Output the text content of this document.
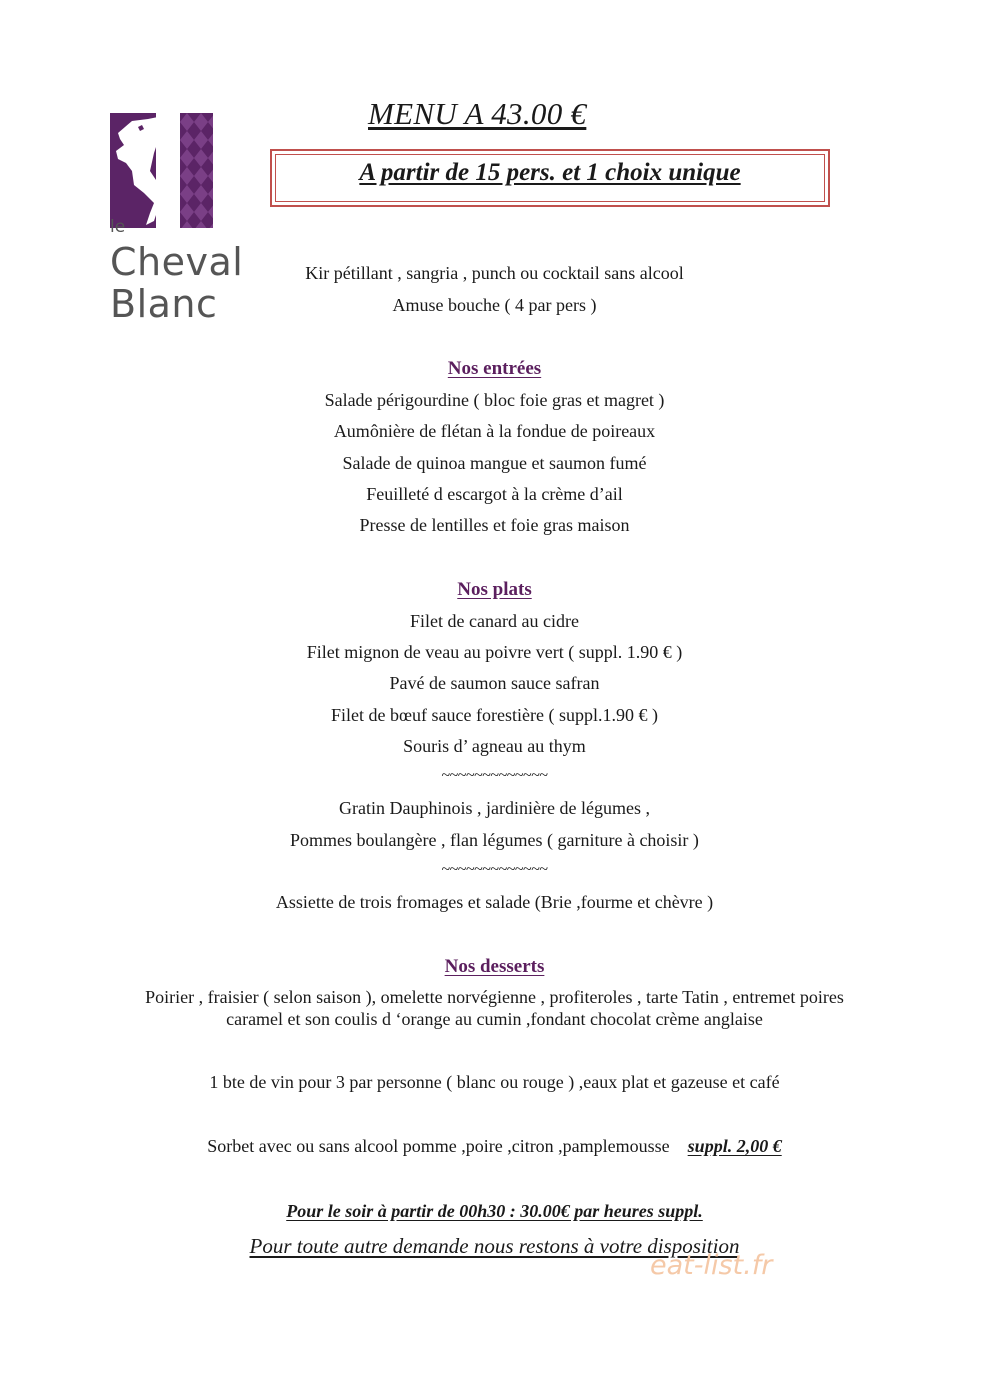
le
Cheval
Blanc
MENU A 43.00 €
A partir de 15 pers. et 1 choix unique
Kir pétillant , sangria , punch ou cocktail sans alcool
Amuse bouche ( 4 par pers )
Nos entrées
Salade périgourdine ( bloc foie gras et magret )
Aumônière de flétan à la fondue de poireaux
Salade de quinoa mangue et saumon fumé
Feuilleté d escargot à la crème d’ail
Presse de lentilles et foie gras maison
Nos plats
Filet de canard au cidre
Filet mignon de veau au poivre vert ( suppl. 1.90 € )
Pavé de saumon sauce safran
Filet de bœuf sauce forestière ( suppl.1.90 € )
Souris d’ agneau au thym
~~~~~~~~~~~~~
Gratin Dauphinois , jardinière de légumes ,
Pommes boulangère , flan légumes ( garniture à choisir )
~~~~~~~~~~~~~
Assiette de trois fromages et salade (Brie ,fourme et chèvre )
Nos desserts
Poirier , fraisier ( selon saison ), omelette norvégienne , profiteroles , tarte Tatin , entremet poires
caramel et son coulis d ‘orange au cumin ,fondant chocolat crème anglaise
1 bte de vin pour 3 par personne ( blanc ou rouge ) ,eaux plat et gazeuse et café
Sorbet avec ou sans alcool pomme ,poire ,citron ,pamplemousse suppl. 2,00 €
Pour le soir à partir de 00h30 : 30.00€ par heures suppl.
Pour toute autre demande nous restons à votre disposition
eat-list.fr
